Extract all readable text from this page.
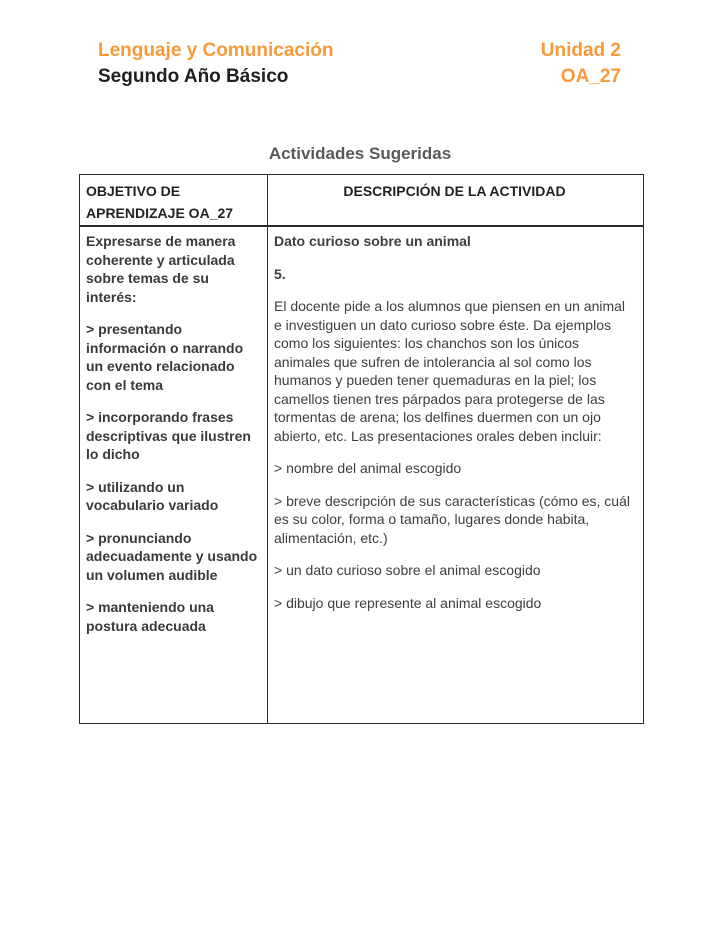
Lenguaje y Comunicación	Unidad 2
Segundo Año Básico	OA_27
Actividades Sugeridas
OBJETIVO DE APRENDIZAJE OA_27
DESCRIPCIÓN DE LA ACTIVIDAD

Expresarse de manera coherente y articulada sobre temas de su interés:

> presentando información o narrando un evento relacionado con el tema

> incorporando frases descriptivas que ilustren lo dicho

> utilizando un vocabulario variado

> pronunciando adecuadamente y usando un volumen audible

> manteniendo una postura adecuada

Dato curioso sobre un animal

5.

El docente pide a los alumnos que piensen en un animal e investiguen un dato curioso sobre éste. Da ejemplos como los siguientes: los chanchos son los únicos animales que sufren de intolerancia al sol como los humanos y pueden tener quemaduras en la piel; los camellos tienen tres párpados para protegerse de las tormentas de arena; los delfines duermen con un ojo abierto, etc. Las presentaciones orales deben incluir:

> nombre del animal escogido

> breve descripción de sus características (cómo es, cuál es su color, forma o tamaño, lugares donde habita, alimentación, etc.)

> un dato curioso sobre el animal escogido

> dibujo que represente al animal escogido
